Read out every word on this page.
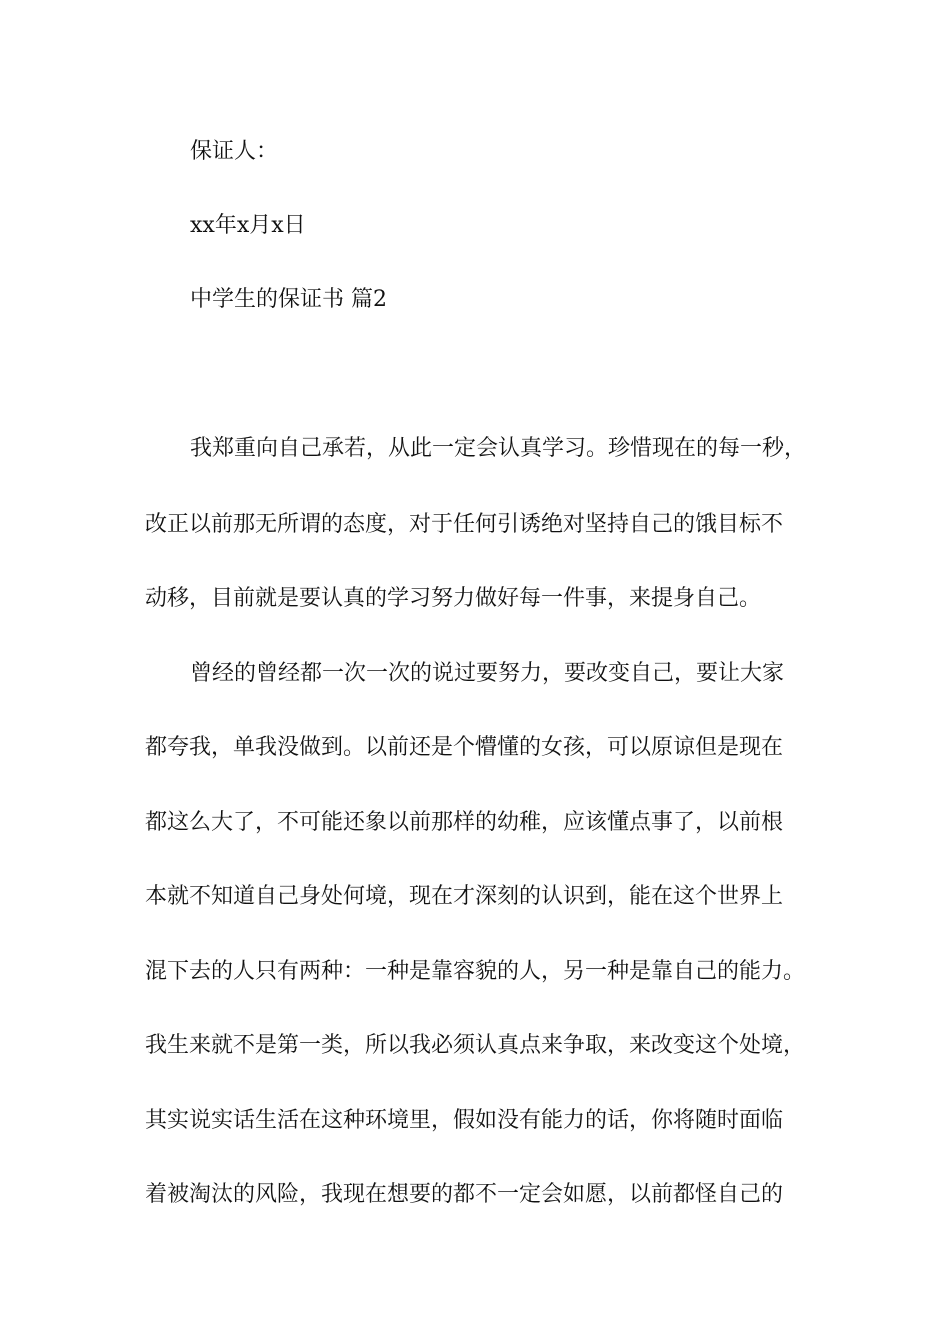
保证人：
xx年x月x日
中学生的保证书 篇2
我郑重向自己承若，从此一定会认真学习。珍惜现在的每一秒，
改正以前那无所谓的态度，对于任何引诱绝对坚持自己的饿目标不
动移，目前就是要认真的学习努力做好每一件事，来提身自己。
曾经的曾经都一次一次的说过要努力，要改变自己，要让大家
都夸我，单我没做到。以前还是个懵懂的女孩，可以原谅但是现在
都这么大了，不可能还象以前那样的幼稚，应该懂点事了，以前根
本就不知道自己身处何境，现在才深刻的认识到，能在这个世界上
混下去的人只有两种：一种是靠容貌的人，另一种是靠自己的能力。
我生来就不是第一类，所以我必须认真点来争取，来改变这个处境，
其实说实话生活在这种环境里，假如没有能力的话，你将随时面临
着被淘汰的风险，我现在想要的都不一定会如愿，以前都怪自己的
